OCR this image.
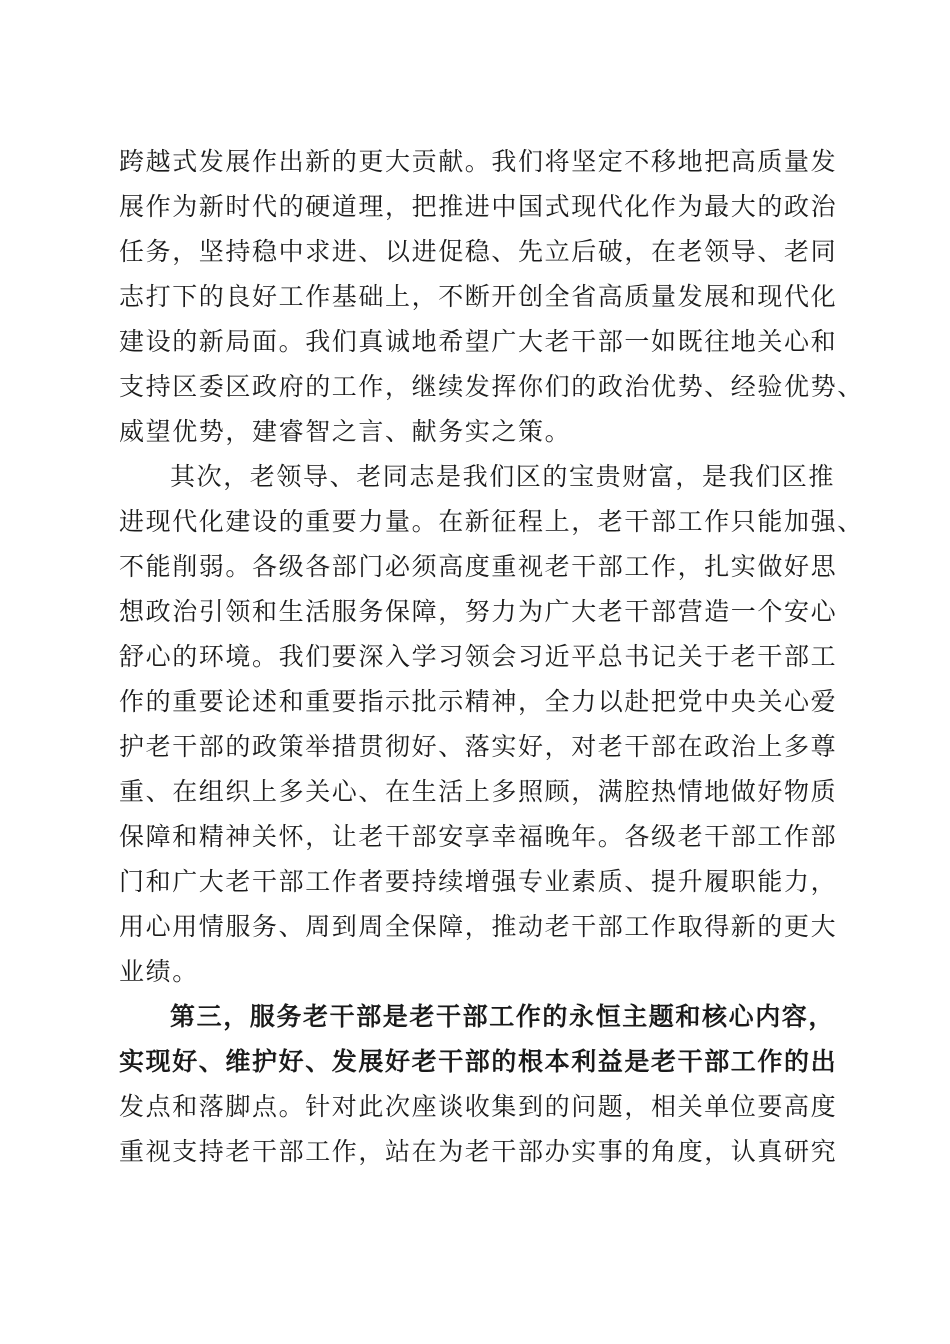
跨越式发展作出新的更大贡献。我们将坚定不移地把高质量发
展作为新时代的硬道理，把推进中国式现代化作为最大的政治
任务，坚持稳中求进、以进促稳、先立后破，在老领导、老同
志打下的良好工作基础上，不断开创全省高质量发展和现代化
建设的新局面。我们真诚地希望广大老干部一如既往地关心和
支持区委区政府的工作，继续发挥你们的政治优势、经验优势、
威望优势，建睿智之言、献务实之策。
其次，老领导、老同志是我们区的宝贵财富，是我们区推
进现代化建设的重要力量。在新征程上，老干部工作只能加强、
不能削弱。各级各部门必须高度重视老干部工作，扎实做好思
想政治引领和生活服务保障，努力为广大老干部营造一个安心
舒心的环境。我们要深入学习领会习近平总书记关于老干部工
作的重要论述和重要指示批示精神，全力以赴把党中央关心爱
护老干部的政策举措贯彻好、落实好，对老干部在政治上多尊
重、在组织上多关心、在生活上多照顾，满腔热情地做好物质
保障和精神关怀，让老干部安享幸福晚年。各级老干部工作部
门和广大老干部工作者要持续增强专业素质、提升履职能力，
用心用情服务、周到周全保障，推动老干部工作取得新的更大
业绩。
第三，服务老干部是老干部工作的永恒主题和核心内容，
实现好、维护好、发展好老干部的根本利益是老干部工作的出
发点和落脚点。针对此次座谈收集到的问题，相关单位要高度
重视支持老干部工作，站在为老干部办实事的角度，认真研究
